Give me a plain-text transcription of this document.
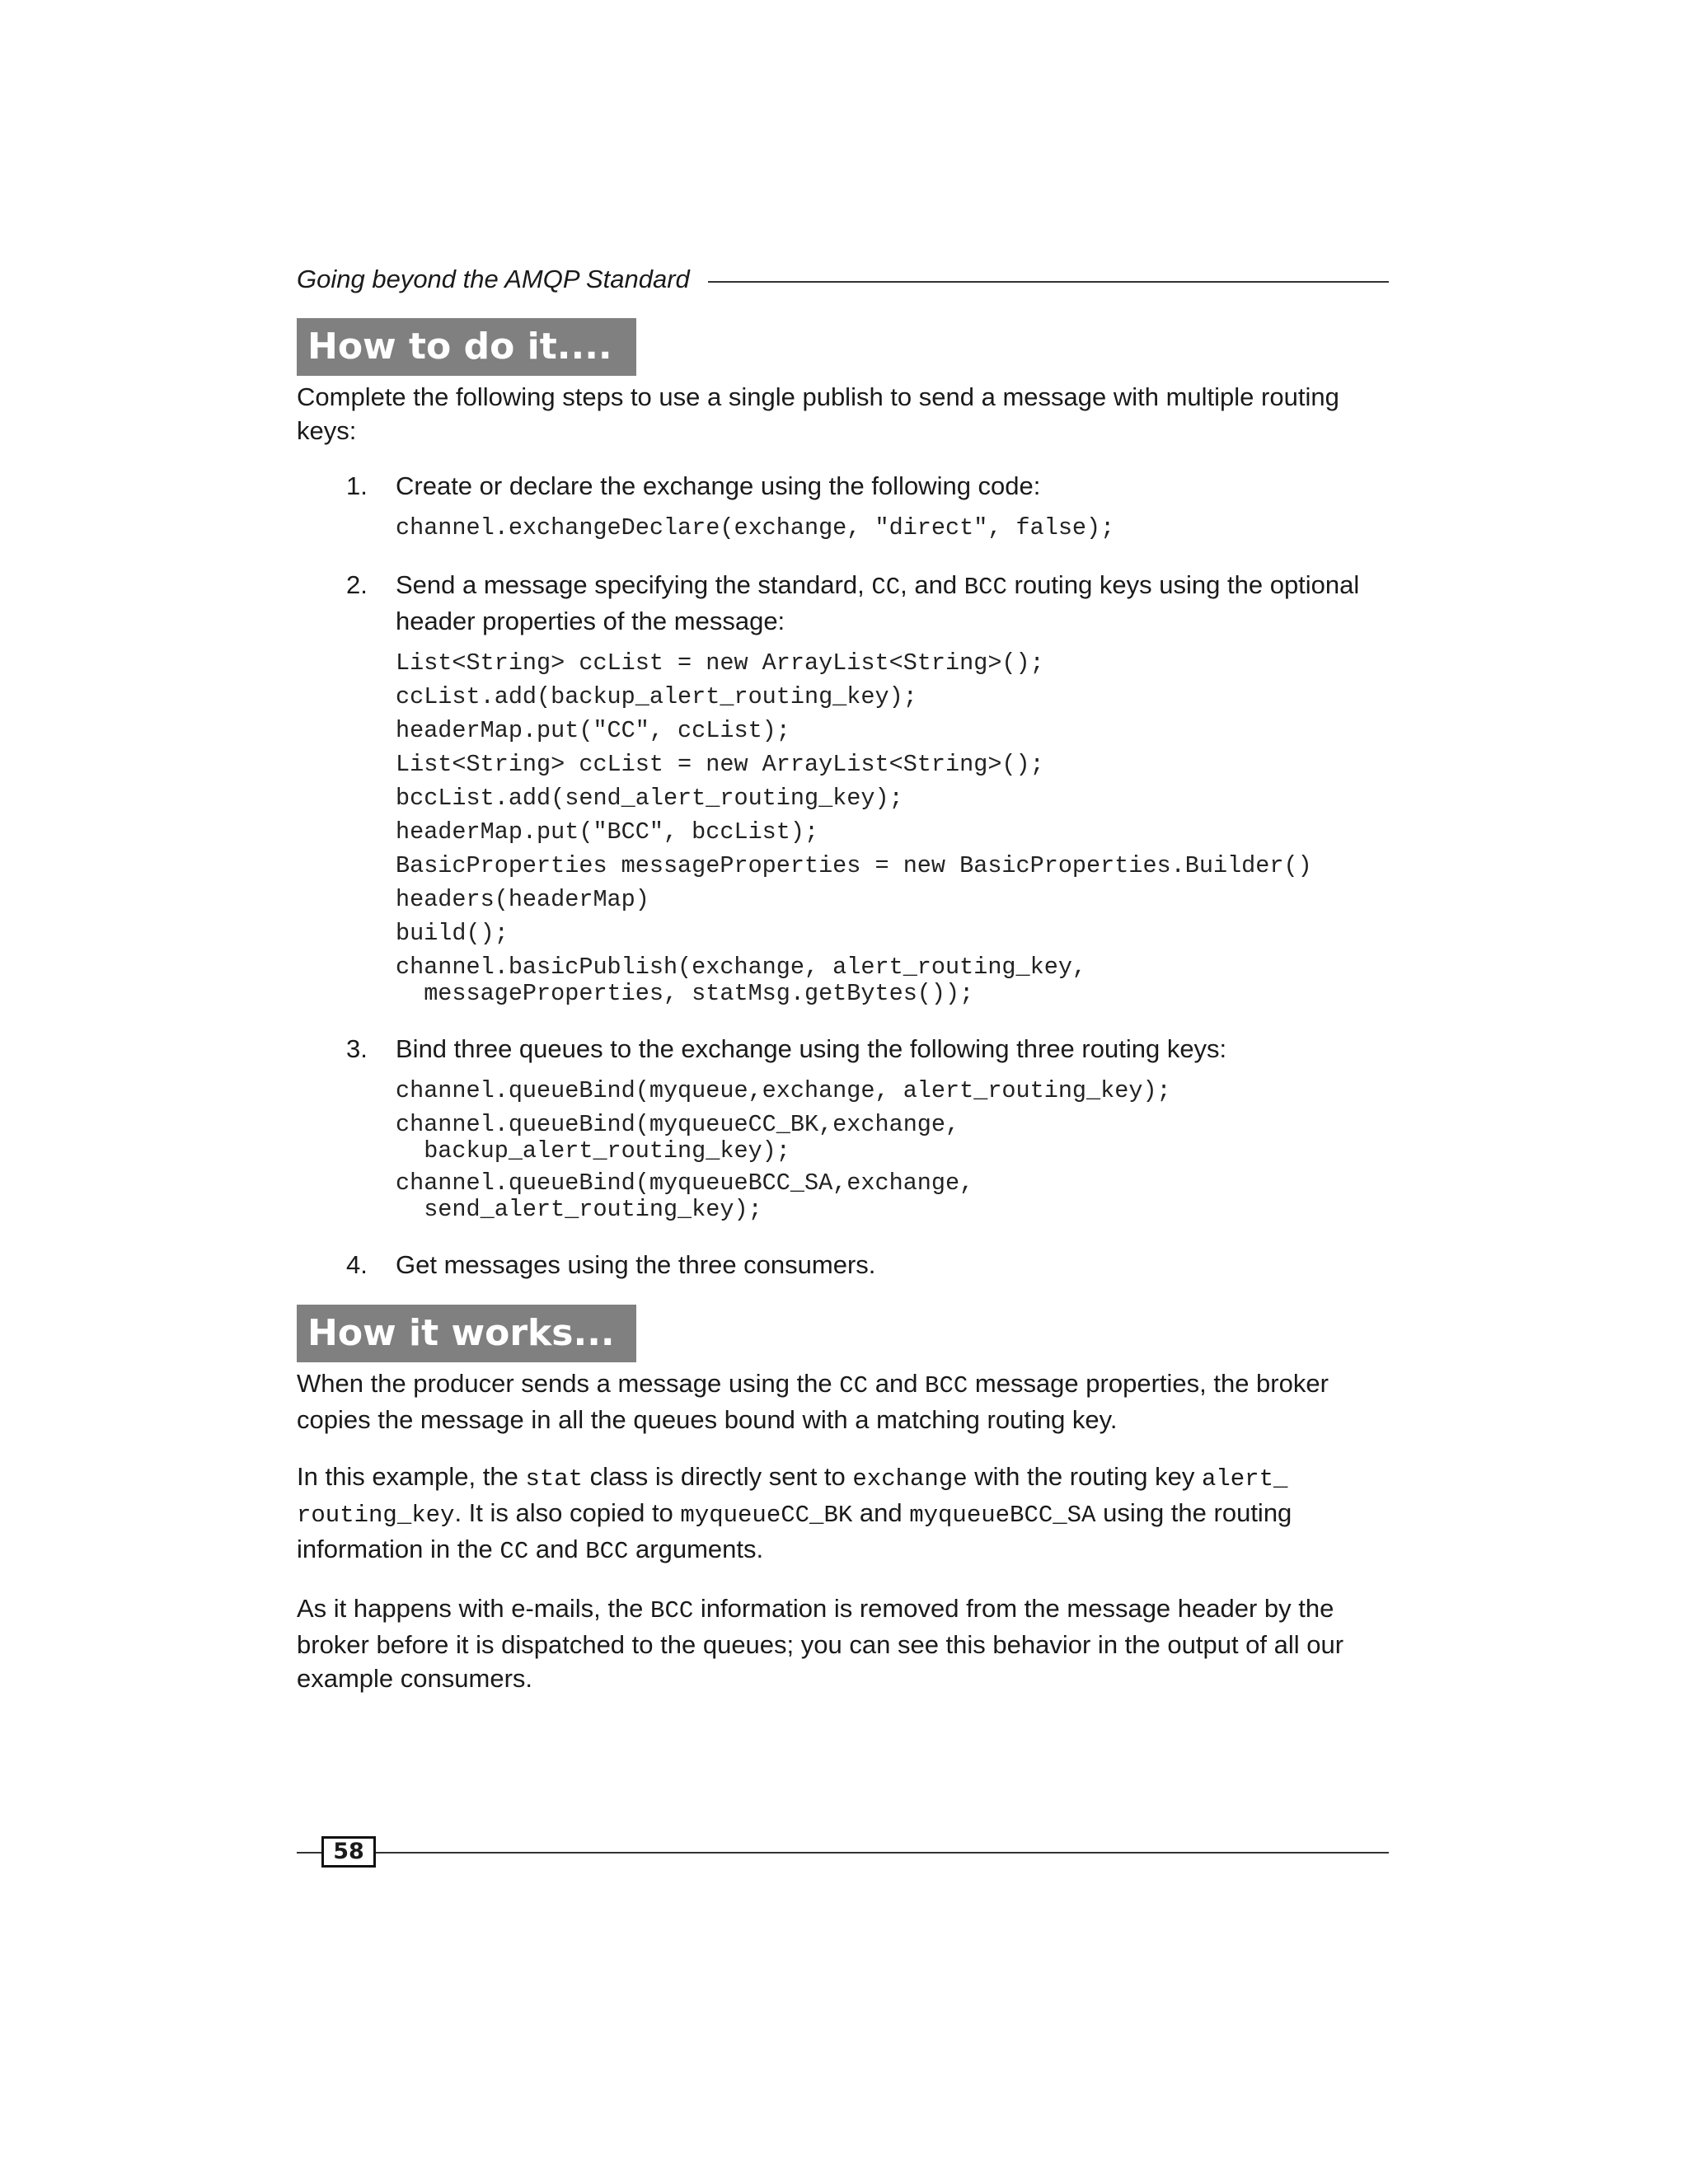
Going beyond the AMQP Standard
How to do it....

Complete the following steps to use a single publish to send a message with multiple routing keys:

1. Create or declare the exchange using the following code:
channel.exchangeDeclare(exchange, "direct", false);
2. Send a message specifying the standard, CC, and BCC routing keys using the optional header properties of the message:
List<String> ccList = new ArrayList<String>();
ccList.add(backup_alert_routing_key);
headerMap.put("CC", ccList);
List<String> ccList = new ArrayList<String>();
bccList.add(send_alert_routing_key);
headerMap.put("BCC", bccList);
BasicProperties messageProperties = new BasicProperties.Builder()
headers(headerMap)
build();
channel.basicPublish(exchange, alert_routing_key,
messageProperties, statMsg.getBytes());
3. Bind three queues to the exchange using the following three routing keys:
channel.queueBind(myqueue,exchange, alert_routing_key);
channel.queueBind(myqueueCC_BK,exchange,
backup_alert_routing_key);
channel.queueBind(myqueueBCC_SA,exchange,
send_alert_routing_key);
4. Get messages using the three consumers.
How it works...

When the producer sends a message using the CC and BCC message properties, the broker copies the message in all the queues bound with a matching routing key.

In this example, the stat class is directly sent to exchange with the routing key alert_
routing_key. It is also copied to myqueueCC_BK and myqueueBCC_SA using the routing information in the CC and BCC arguments.

As it happens with e-mails, the BCC information is removed from the message header by the broker before it is dispatched to the queues; you can see this behavior in the output of all our example consumers.

58
